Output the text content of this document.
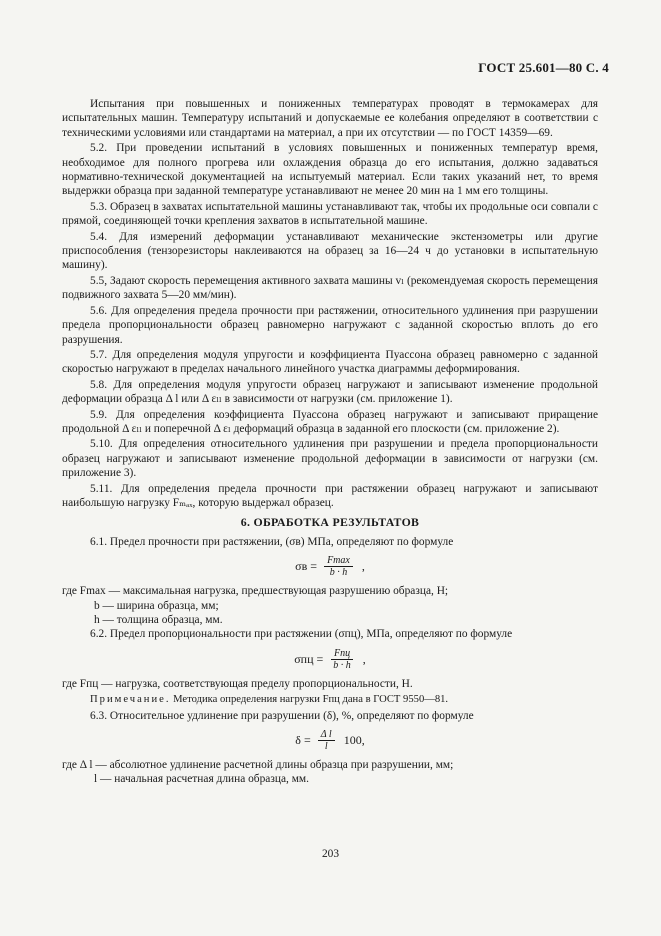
ГОСТ 25.601—80 С. 4

Испытания при повышенных и пониженных температурах проводят в термокамерах для испытательных машин. Температуру испытаний и допускаемые ее колебания определяют в соответствии с техническими условиями или стандартами на материал, а при их отсутствии — по ГОСТ 14359—69.

5.2. При проведении испытаний в условиях повышенных и пониженных температур время, необходимое для полного прогрева или охлаждения образца до его испытания, должно задаваться нормативно-технической документацией на испытуемый материал. Если таких указаний нет, то время выдержки образца при заданной температуре устанавливают не менее 20 мин на 1 мм его толщины.

5.3. Образец в захватах испытательной машины устанавливают так, чтобы их продольные оси совпали с прямой, соединяющей точки крепления захватов в испытательной машине.

5.4. Для измерений деформации устанавливают механические экстензометры или другие приспособления (тензорезисторы наклеиваются на образец за 16—24 ч до установки в испытательную машину).

5.5, Задают скорость перемещения активного захвата машины vₗ (рекомендуемая скорость перемещения подвижного захвата 5—20 мм/мин).

5.6. Для определения предела прочности при растяжении, относительного удлинения при разрушении предела пропорциональности образец равномерно нагружают с заданной скоростью вплоть до его разрушения.

5.7. Для определения модуля упругости и коэффициента Пуассона образец равномерно с заданной скоростью нагружают в пределах начального линейного участка диаграммы деформирования.

5.8. Для определения модуля упругости образец нагружают и записывают изменение продольной деформации образца Δ l или Δ εₗₗ в зависимости от нагрузки (см. приложение 1).

5.9. Для определения коэффициента Пуассона образец нагружают и записывают приращение продольной Δ εₗₗ и поперечной Δ εₗ деформаций образца в заданной его плоскости (см. приложение 2).

5.10. Для определения относительного удлинения при разрушении и предела пропорциональности образец нагружают и записывают изменение продольной деформации в зависимости от нагрузки (см. приложение 3).

5.11. Для определения предела прочности при растяжении образец нагружают и записывают наибольшую нагрузку Fₘₐₓ, которую выдержал образец.

6. ОБРАБОТКА РЕЗУЛЬТАТОВ

6.1. Предел прочности при растяжении, (σв) МПа, определяют по формуле

$\sigma в = \frac{Fmax}{b \cdot h}$ ,

где Fmax — максимальная нагрузка, предшествующая разрушению образца, Н;

b — ширина образца, мм;

h — толщина образца, мм.

6.2. Предел пропорциональности при растяжении (σпц), МПа, определяют по формуле

$\sigma пц = \frac{\text{Fпц}}{b \cdot h}$ ,

где Fпц — нагрузка, соответствующая пределу пропорциональности, Н.

Примечание. Методика определения нагрузки Fпц дана в ГОСТ 9550—81.

6.3. Относительное удлинение при разрушении (δ), %, определяют по формуле

$\delta = \frac{\text{Δ l}}{l} 100$,

где Δ l — абсолютное удлинение расчетной длины образца при разрушении, мм;

l — начальная расчетная длина образца, мм.

203
